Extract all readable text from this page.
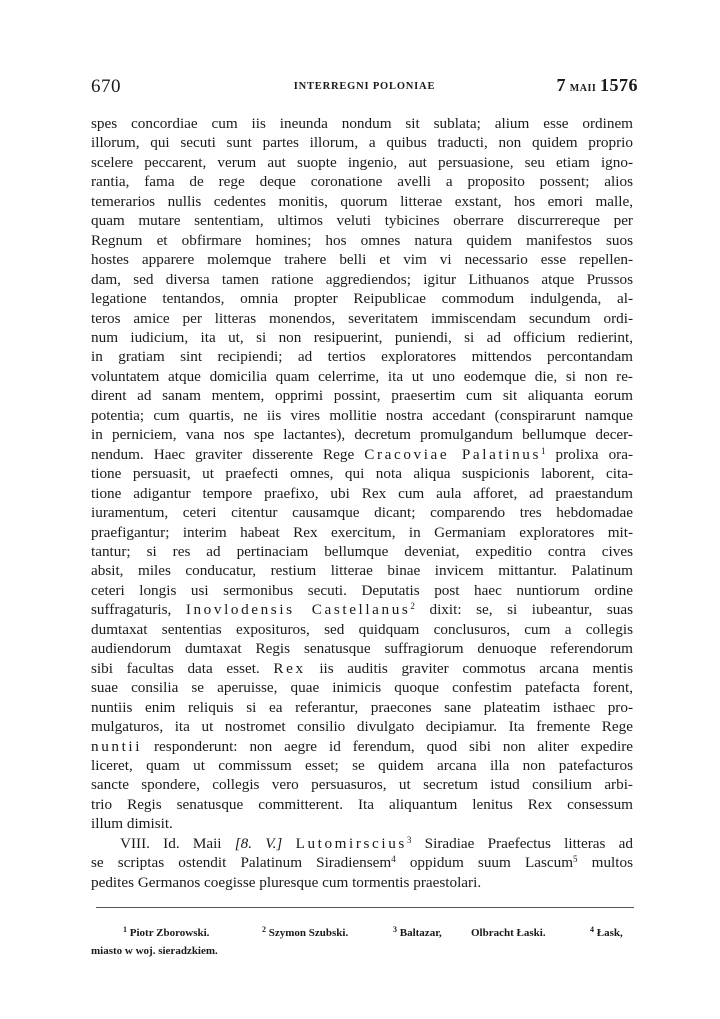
670	INTERREGNI POLONIAE	7 MAII 1576
spes concordiae cum iis ineunda nondum sit sublata; alium esse ordinem
illorum, qui secuti sunt partes illorum, a quibus traducti, non quidem proprio
scelere peccarent, verum aut suopte ingenio, aut persuasione, seu etiam igno-
rantia, fama de rege deque coronatione avelli a proposito possent; alios
temerarios nullis cedentes monitis, quorum litterae exstant, hos emori malle,
quam mutare sententiam, ultimos veluti tybicines oberrare discurrereque per
Regnum et obfirmare homines; hos omnes natura quidem manifestos suos
hostes apparere molemque trahere belli et vim vi necessario esse repellen-
dam, sed diversa tamen ratione aggrediendos; igitur Lithuanos atque Prussos
legatione tentandos, omnia propter Reipublicae commodum indulgenda, al-
teros amice per litteras monendos, severitatem immiscendam secundum ordi-
num iudicium, ita ut, si non resipuerint, puniendi, si ad officium redierint,
in gratiam sint recipiendi; ad tertios exploratores mittendos percontandam
voluntatem atque domicilia quam celerrime, ita ut uno eodemque die, si non re-
dirent ad sanam mentem, opprimi possint, praesertim cum sit aliquanta eorum
potentia; cum quartis, ne iis vires mollitie nostra accedant (conspirarunt namque
in perniciem, vana nos spe lactantes), decretum promulgandum bellumque decer-
nendum. Haec graviter disserente Rege Cracoviae Palatinus$^1$ prolixa ora-
tione persuasit, ut praefecti omnes, qui nota aliqua suspicionis laborent, cita-
tione adigantur tempore praefixo, ubi Rex cum aula afforet, ad praestandum
iuramentum, ceteri citentur causamque dicant; comparendo tres hebdomadae
praefigantur; interim habeat Rex exercitum, in Germaniam exploratores mit-
tantur; si res ad pertinaciam bellumque deveniat, expeditio contra cives
absit, miles conducatur, restium litterae binae invicem mittantur. Palatinum
ceteri longis usi sermonibus secuti. Deputatis post haec nuntiorum ordine
suffragaturis, Inovlodensis Castellanus$^2$ dixit: se, si iubeantur, suas
dumtaxat sententias exposituros, sed quidquam conclusuros, cum a collegis
audiendorum dumtaxat Regis senatusque suffragiorum denuoque referendorum
sibi facultas data esset. Rex iis auditis graviter commotus arcana mentis
suae consilia se aperuisse, quae inimicis quoque confestim patefacta forent,
nuntiis enim reliquis si ea referantur, praecones sane plateatim isthaec pro-
mulgaturos, ita ut nostromet consilio divulgato decipiamur. Ita fremente Rege
nuntii responderunt: non aegre id ferendum, quod sibi non aliter expedire
liceret, quam ut commissum esset; se quidem arcana illa non patefacturos
sancte spondere, collegis vero persuasuros, ut secretum istud consilium arbi-
trio Regis senatusque committerent. Ita aliquantum lenitus Rex consessum
illum dimisit.
VIII. Id. Maii [8. V.] Lutomirscius$^3$ Siradiae Praefectus litteras ad
se scriptas ostendit Palatinum Siradiensem$^4$ oppidum suum Lascum$^5$ multos
pedites Germanos coegisse pluresque cum tormentis praestolari.
$^1$ Piotr Zborowski.	$^2$ Szymon Szubski.	$^3$ Baltazar,	Olbracht Łaski.	$^4$ Łask,
miasto w woj. sieradzkiem.
